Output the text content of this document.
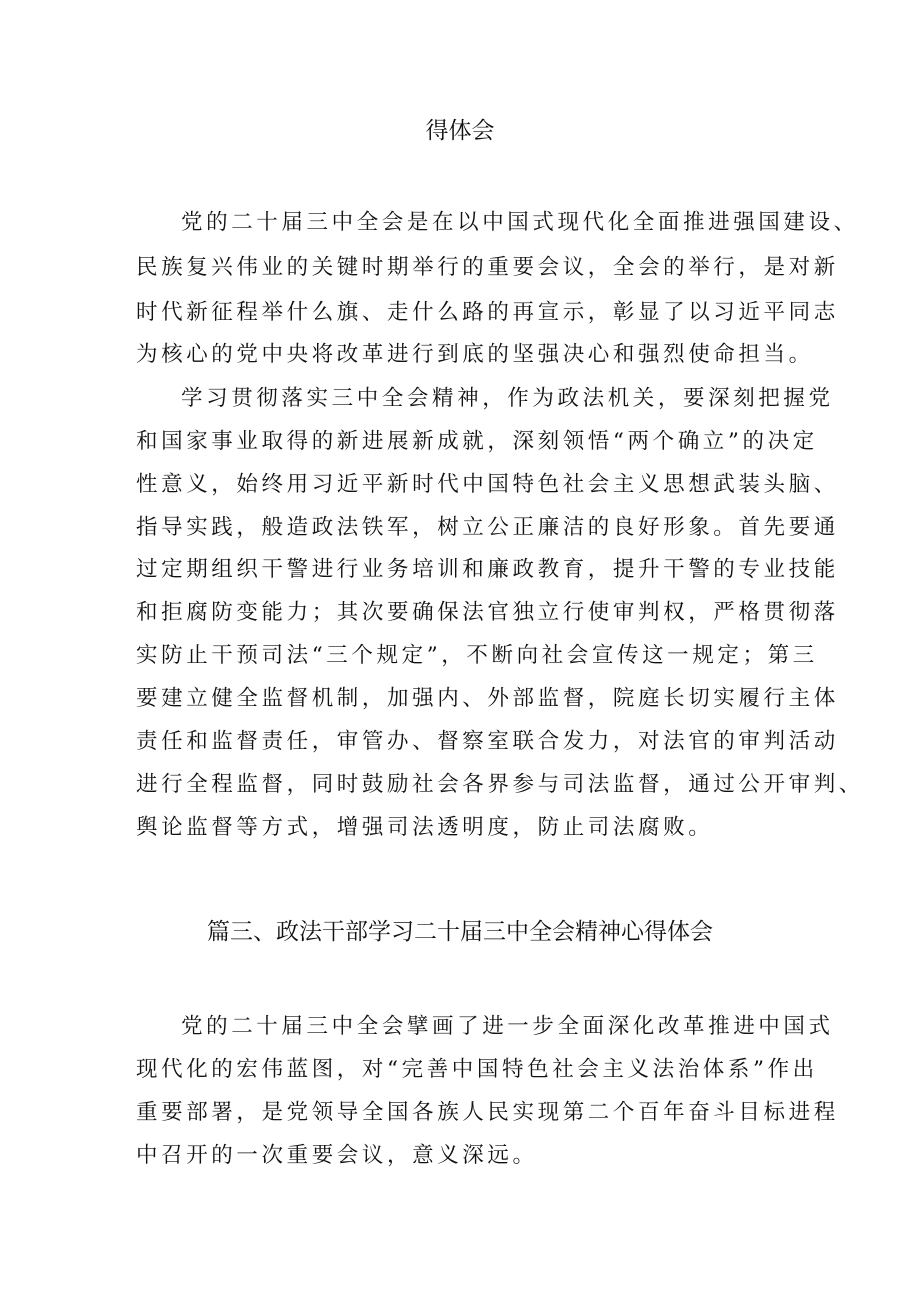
得体会
党的二十届三中全会是在以中国式现代化全面推进强国建设、
民族复兴伟业的关键时期举行的重要会议，全会的举行，是对新
时代新征程举什么旗、走什么路的再宣示，彰显了以习近平同志
为核心的党中央将改革进行到底的坚强决心和强烈使命担当。
学习贯彻落实三中全会精神，作为政法机关，要深刻把握党
和国家事业取得的新进展新成就，深刻领悟“两个确立”的决定
性意义，始终用习近平新时代中国特色社会主义思想武装头脑、
指导实践，般造政法铁军，树立公正廉洁的良好形象。首先要通
过定期组织干警进行业务培训和廉政教育，提升干警的专业技能
和拒腐防变能力；其次要确保法官独立行使审判权，严格贯彻落
实防止干预司法“三个规定”，不断向社会宣传这一规定；第三
要建立健全监督机制，加强内、外部监督，院庭长切实履行主体
责任和监督责任，审管办、督察室联合发力，对法官的审判活动
进行全程监督，同时鼓励社会各界参与司法监督，通过公开审判、
舆论监督等方式，增强司法透明度，防止司法腐败。
篇三、政法干部学习二十届三中全会精神心得体会
党的二十届三中全会擘画了进一步全面深化改革推进中国式
现代化的宏伟蓝图，对“完善中国特色社会主义法治体系”作出
重要部署，是党领导全国各族人民实现第二个百年奋斗目标进程
中召开的一次重要会议，意义深远。
